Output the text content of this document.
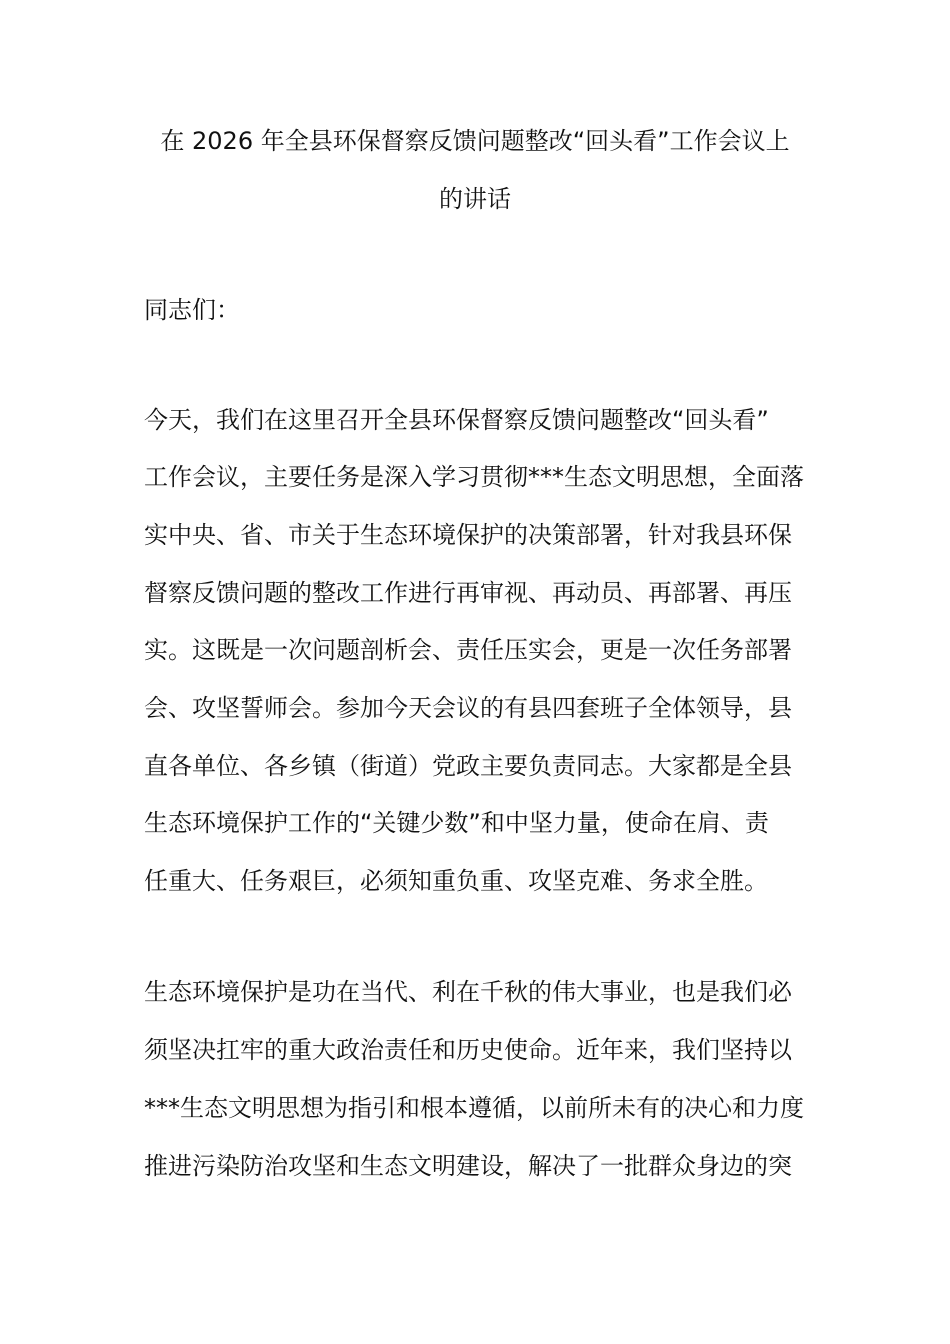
在 2026 年全县环保督察反馈问题整改“回头看”工作会议上
的讲话
同志们：
今天，我们在这里召开全县环保督察反馈问题整改“回头看”
工作会议，主要任务是深入学习贯彻***生态文明思想，全面落
实中央、省、市关于生态环境保护的决策部署，针对我县环保
督察反馈问题的整改工作进行再审视、再动员、再部署、再压
实。这既是一次问题剖析会、责任压实会，更是一次任务部署
会、攻坚誓师会。参加今天会议的有县四套班子全体领导，县
直各单位、各乡镇（街道）党政主要负责同志。大家都是全县
生态环境保护工作的“关键少数”和中坚力量，使命在肩、责
任重大、任务艰巨，必须知重负重、攻坚克难、务求全胜。
生态环境保护是功在当代、利在千秋的伟大事业，也是我们必
须坚决扛牢的重大政治责任和历史使命。近年来，我们坚持以
***生态文明思想为指引和根本遵循，以前所未有的决心和力度
推进污染防治攻坚和生态文明建设，解决了一批群众身边的突
